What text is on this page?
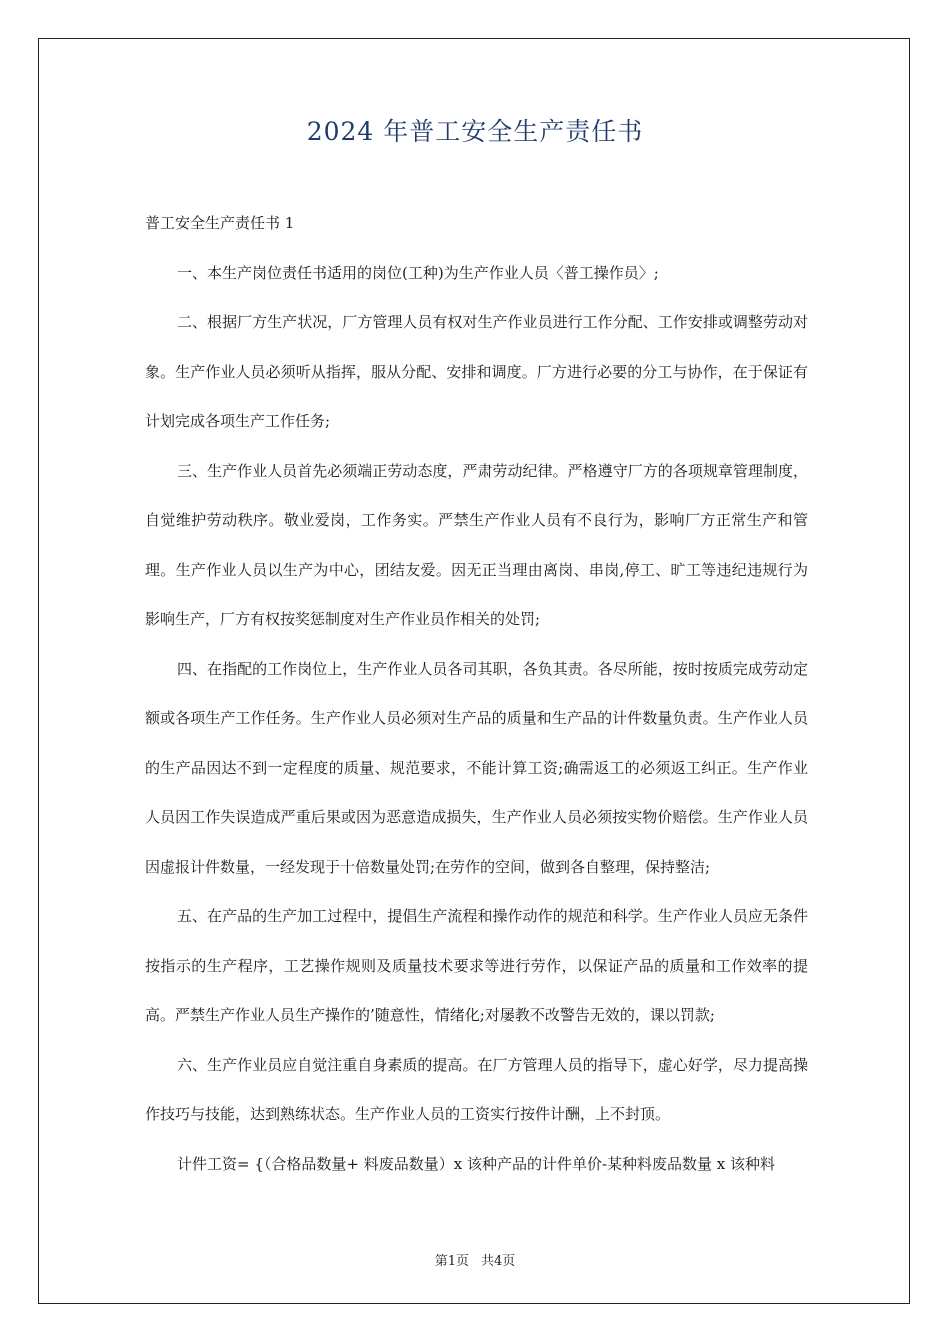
2024 年普工安全生产责任书

普工安全生产责任书 1

一、本生产岗位责任书适用的岗位(工种)为生产作业人员〈普工操作员〉;

二、根据厂方生产状况，厂方管理人员有权对生产作业员进行工作分配、工作安排或调整劳动对象。生产作业人员必须听从指挥，服从分配、安排和调度。厂方进行必要的分工与协作，在于保证有计划完成各项生产工作任务;

三、生产作业人员首先必须端正劳动态度，严肃劳动纪律。严格遵守厂方的各项规章管理制度，自觉维护劳动秩序。敬业爱岗，工作务实。严禁生产作业人员有不良行为，影响厂方正常生产和管理。生产作业人员以生产为中心，团结友爱。因无正当理由离岗、串岗,停工、旷工等违纪违规行为影响生产，厂方有权按奖惩制度对生产作业员作相关的处罚;

四、在指配的工作岗位上，生产作业人员各司其职，各负其责。各尽所能，按时按质完成劳动定额或各项生产工作任务。生产作业人员必须对生产品的质量和生产品的计件数量负责。生产作业人员的生产品因达不到一定程度的质量、规范要求，不能计算工资;确需返工的必须返工纠正。生产作业人员因工作失误造成严重后果或因为恶意造成损失，生产作业人员必须按实物价赔偿。生产作业人员因虚报计件数量，一经发现于十倍数量处罚;在劳作的空间，做到各自整理，保持整洁;

五、在产品的生产加工过程中，提倡生产流程和操作动作的规范和科学。生产作业人员应无条件按指示的生产程序，工艺操作规则及质量技术要求等进行劳作，以保证产品的质量和工作效率的提高。严禁生产作业人员生产操作的’随意性，情绪化;对屡教不改警告无效的，课以罚款;

六、生产作业员应自觉注重自身素质的提高。在厂方管理人员的指导下，虚心好学，尽力提高操作技巧与技能，达到熟练状态。生产作业人员的工资实行按件计酬，上不封顶。

计件工资= {（合格品数量+ 料废品数量）x 该种产品的计件单价-某种料废品数量 x 该种料

第1页 共4页
